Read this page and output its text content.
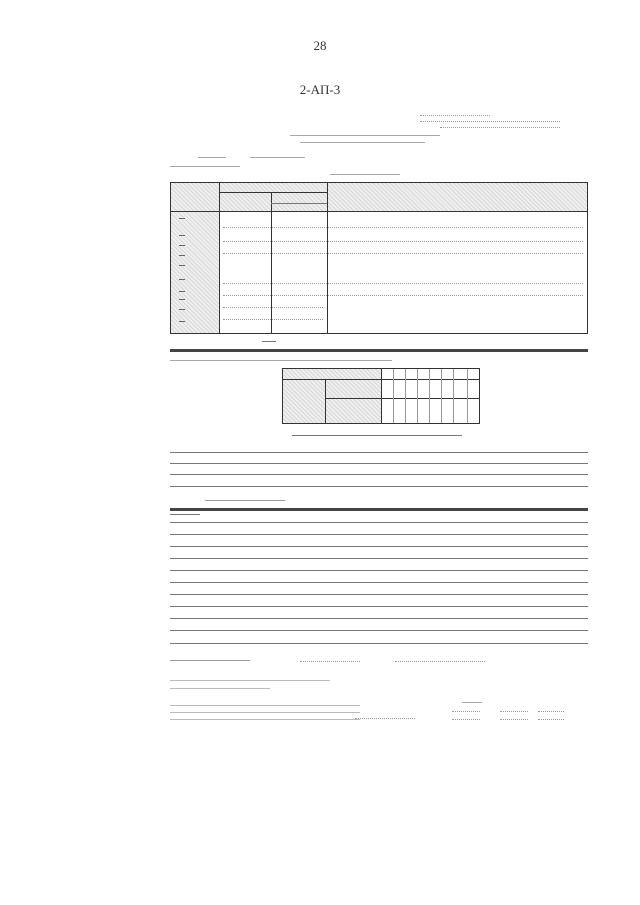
28
2-АП-3
